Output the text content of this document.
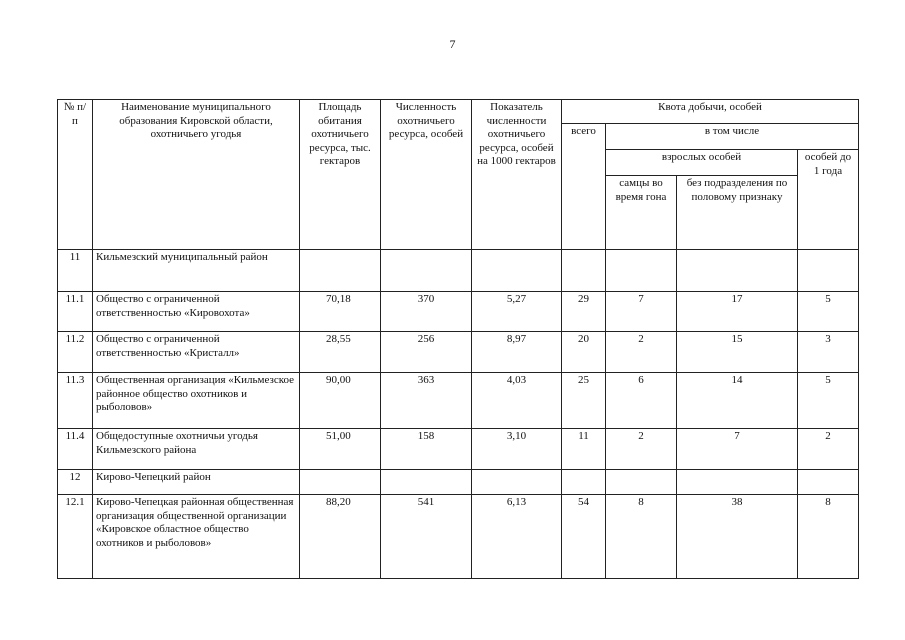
7
№ п/п	Наименование муниципального образования Кировской области, охотничьего угодья	Площадь обитания охотничьего ресурса, тыс. гектаров	Численность охотничьего ресурса, особей	Показатель численности охотничьего ресурса, особей на 1000 гектаров	Квота добычи, особей			
					всего	в том числе		
						взрослых особей		особей до 1 года
						самцы во время гона	без подразделения по половому признаку	
11	Кильмезский муниципальный район							
11.1	Общество с ограниченной ответственностью «Кировохота»	70,18	370	5,27	29	7	17	5
11.2	Общество с ограниченной ответственностью «Кристалл»	28,55	256	8,97	20	2	15	3
11.3	Общественная организация «Кильмезское районное общество охотников и рыболовов»	90,00	363	4,03	25	6	14	5
11.4	Общедоступные охотничьи угодья Кильмезского района	51,00	158	3,10	11	2	7	2
12	Кирово-Чепецкий район							
12.1	Кирово-Чепецкая районная общественная организация общественной организации «Кировское областное общество охотников и рыболовов»	88,20	541	6,13	54	8	38	8
